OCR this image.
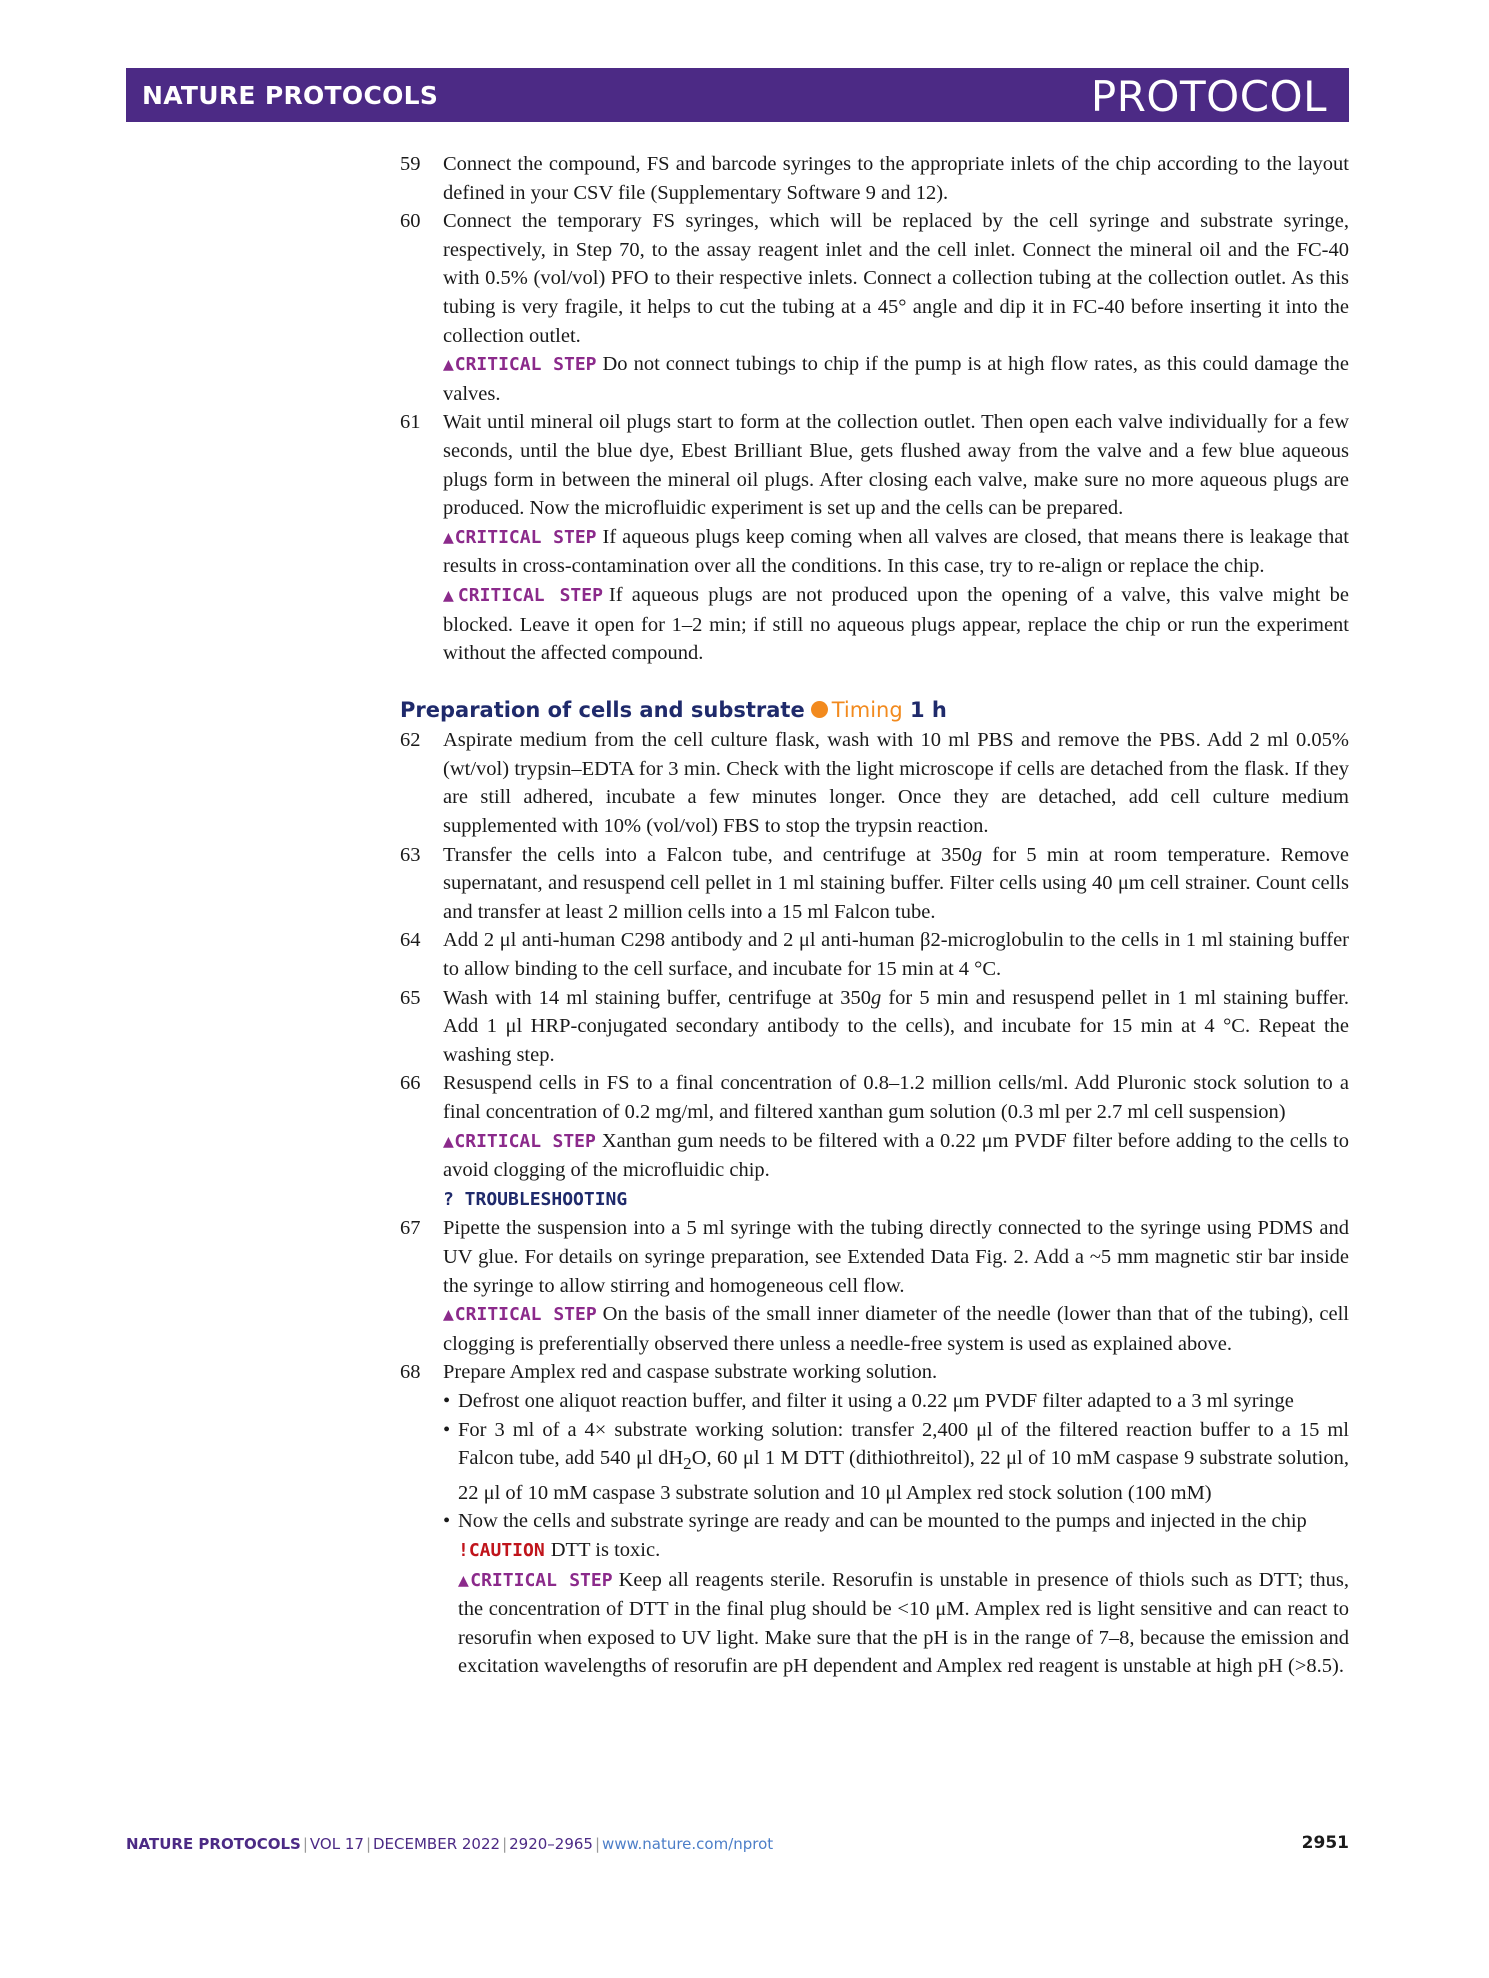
NATURE PROTOCOLS	PROTOCOL
59	Connect the compound, FS and barcode syringes to the appropriate inlets of the chip according to the layout defined in your CSV file (Supplementary Software 9 and 12).
60	Connect the temporary FS syringes, which will be replaced by the cell syringe and substrate syringe, respectively, in Step 70, to the assay reagent inlet and the cell inlet. Connect the mineral oil and the FC-40 with 0.5% (vol/vol) PFO to their respective inlets. Connect a collection tubing at the collection outlet. As this tubing is very fragile, it helps to cut the tubing at a 45° angle and dip it in FC-40 before inserting it into the collection outlet.
▲CRITICAL STEP Do not connect tubings to chip if the pump is at high flow rates, as this could damage the valves.
61	Wait until mineral oil plugs start to form at the collection outlet. Then open each valve individually for a few seconds, until the blue dye, Ebest Brilliant Blue, gets flushed away from the valve and a few blue aqueous plugs form in between the mineral oil plugs. After closing each valve, make sure no more aqueous plugs are produced. Now the microfluidic experiment is set up and the cells can be prepared.
▲CRITICAL STEP If aqueous plugs keep coming when all valves are closed, that means there is leakage that results in cross-contamination over all the conditions. In this case, try to re-align or replace the chip.
▲CRITICAL STEP If aqueous plugs are not produced upon the opening of a valve, this valve might be blocked. Leave it open for 1–2 min; if still no aqueous plugs appear, replace the chip or run the experiment without the affected compound.
Preparation of cells and substrate Timing 1 h
62	Aspirate medium from the cell culture flask, wash with 10 ml PBS and remove the PBS. Add 2 ml 0.05% (wt/vol) trypsin–EDTA for 3 min. Check with the light microscope if cells are detached from the flask. If they are still adhered, incubate a few minutes longer. Once they are detached, add cell culture medium supplemented with 10% (vol/vol) FBS to stop the trypsin reaction.
63	Transfer the cells into a Falcon tube, and centrifuge at 350g for 5 min at room temperature. Remove supernatant, and resuspend cell pellet in 1 ml staining buffer. Filter cells using 40 μm cell strainer. Count cells and transfer at least 2 million cells into a 15 ml Falcon tube.
64	Add 2 μl anti-human C298 antibody and 2 μl anti-human β2-microglobulin to the cells in 1 ml staining buffer to allow binding to the cell surface, and incubate for 15 min at 4 °C.
65	Wash with 14 ml staining buffer, centrifuge at 350g for 5 min and resuspend pellet in 1 ml staining buffer. Add 1 μl HRP-conjugated secondary antibody to the cells), and incubate for 15 min at 4 °C. Repeat the washing step.
66	Resuspend cells in FS to a final concentration of 0.8–1.2 million cells/ml. Add Pluronic stock solution to a final concentration of 0.2 mg/ml, and filtered xanthan gum solution (0.3 ml per 2.7 ml cell suspension)
▲CRITICAL STEP Xanthan gum needs to be filtered with a 0.22 μm PVDF filter before adding to the cells to avoid clogging of the microfluidic chip.
? TROUBLESHOOTING
67	Pipette the suspension into a 5 ml syringe with the tubing directly connected to the syringe using PDMS and UV glue. For details on syringe preparation, see Extended Data Fig. 2. Add a ~5 mm magnetic stir bar inside the syringe to allow stirring and homogeneous cell flow.
▲CRITICAL STEP On the basis of the small inner diameter of the needle (lower than that of the tubing), cell clogging is preferentially observed there unless a needle-free system is used as explained above.
68	Prepare Amplex red and caspase substrate working solution.
• Defrost one aliquot reaction buffer, and filter it using a 0.22 μm PVDF filter adapted to a 3 ml syringe
• For 3 ml of a 4× substrate working solution: transfer 2,400 μl of the filtered reaction buffer to a 15 ml Falcon tube, add 540 μl $dH_2O$, 60 μl 1 M DTT (dithiothreitol), 22 μl of 10 mM caspase 9 substrate solution, 22 μl of 10 mM caspase 3 substrate solution and 10 μl Amplex red stock solution (100 mM)
• Now the cells and substrate syringe are ready and can be mounted to the pumps and injected in the chip
!CAUTION DTT is toxic.
▲CRITICAL STEP Keep all reagents sterile. Resorufin is unstable in presence of thiols such as DTT; thus, the concentration of DTT in the final plug should be <10 μM. Amplex red is light sensitive and can react to resorufin when exposed to UV light. Make sure that the pH is in the range of 7–8, because the emission and excitation wavelengths of resorufin are pH dependent and Amplex red reagent is unstable at high pH (>8.5).
NATURE PROTOCOLS | VOL 17 | DECEMBER 2022 | 2920–2965 | www.nature.com/nprot	2951
